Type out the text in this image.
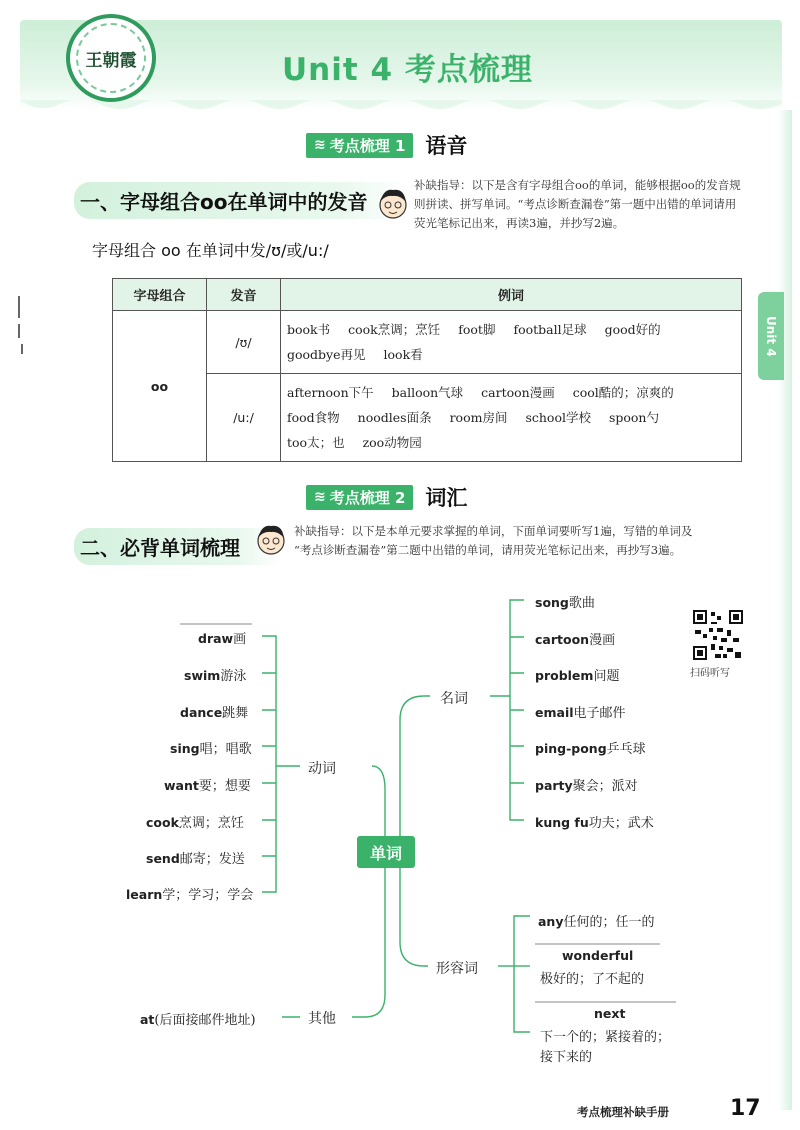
王朝霞	Unit 4 考点梳理
Unit 4
≋ 考点梳理 1 语音
一、字母组合oo在单词中的发音
补缺指导：以下是含有字母组合oo的单词，能够根据oo的发音规则拼读、拼写单词。“考点诊断查漏卷”第一题中出错的单词请用荧光笔标记出来，再读3遍，并抄写2遍。
字母组合 oo 在单词中发/ʊ/或/u:/
字母组合	发音	例词
oo	/ʊ/	book书 cook烹调；烹饪 foot脚 football足球 good好的 goodbye再见 look看
	/u:/	afternoon下午 balloon气球 cartoon漫画 cool酷的；凉爽的 food食物 noodles面条 room房间 school学校 spoon勺 too太；也 zoo动物园
≋ 考点梳理 2 词汇
二、必背单词梳理
补缺指导：以下是本单元要求掌握的单词，下面单词要听写1遍，写错的单词及
“考点诊断查漏卷”第二题中出错的单词，请用荧光笔标记出来，再抄写3遍。
单词
动词
名词
形容词
其他
draw画
swim游泳
dance跳舞
sing唱；唱歌
want要；想要
cook烹调；烹饪
send邮寄；发送
learn学；学习；学会
song歌曲
cartoon漫画
problem问题
email电子邮件
ping-pong乒乓球
party聚会；派对
kung fu功夫；武术
扫码听写
any任何的；任一的
wonderful
极好的；了不起的
next
下一个的；紧接着的；
接下来的
at(后面接邮件地址)
考点梳理补缺手册	17
